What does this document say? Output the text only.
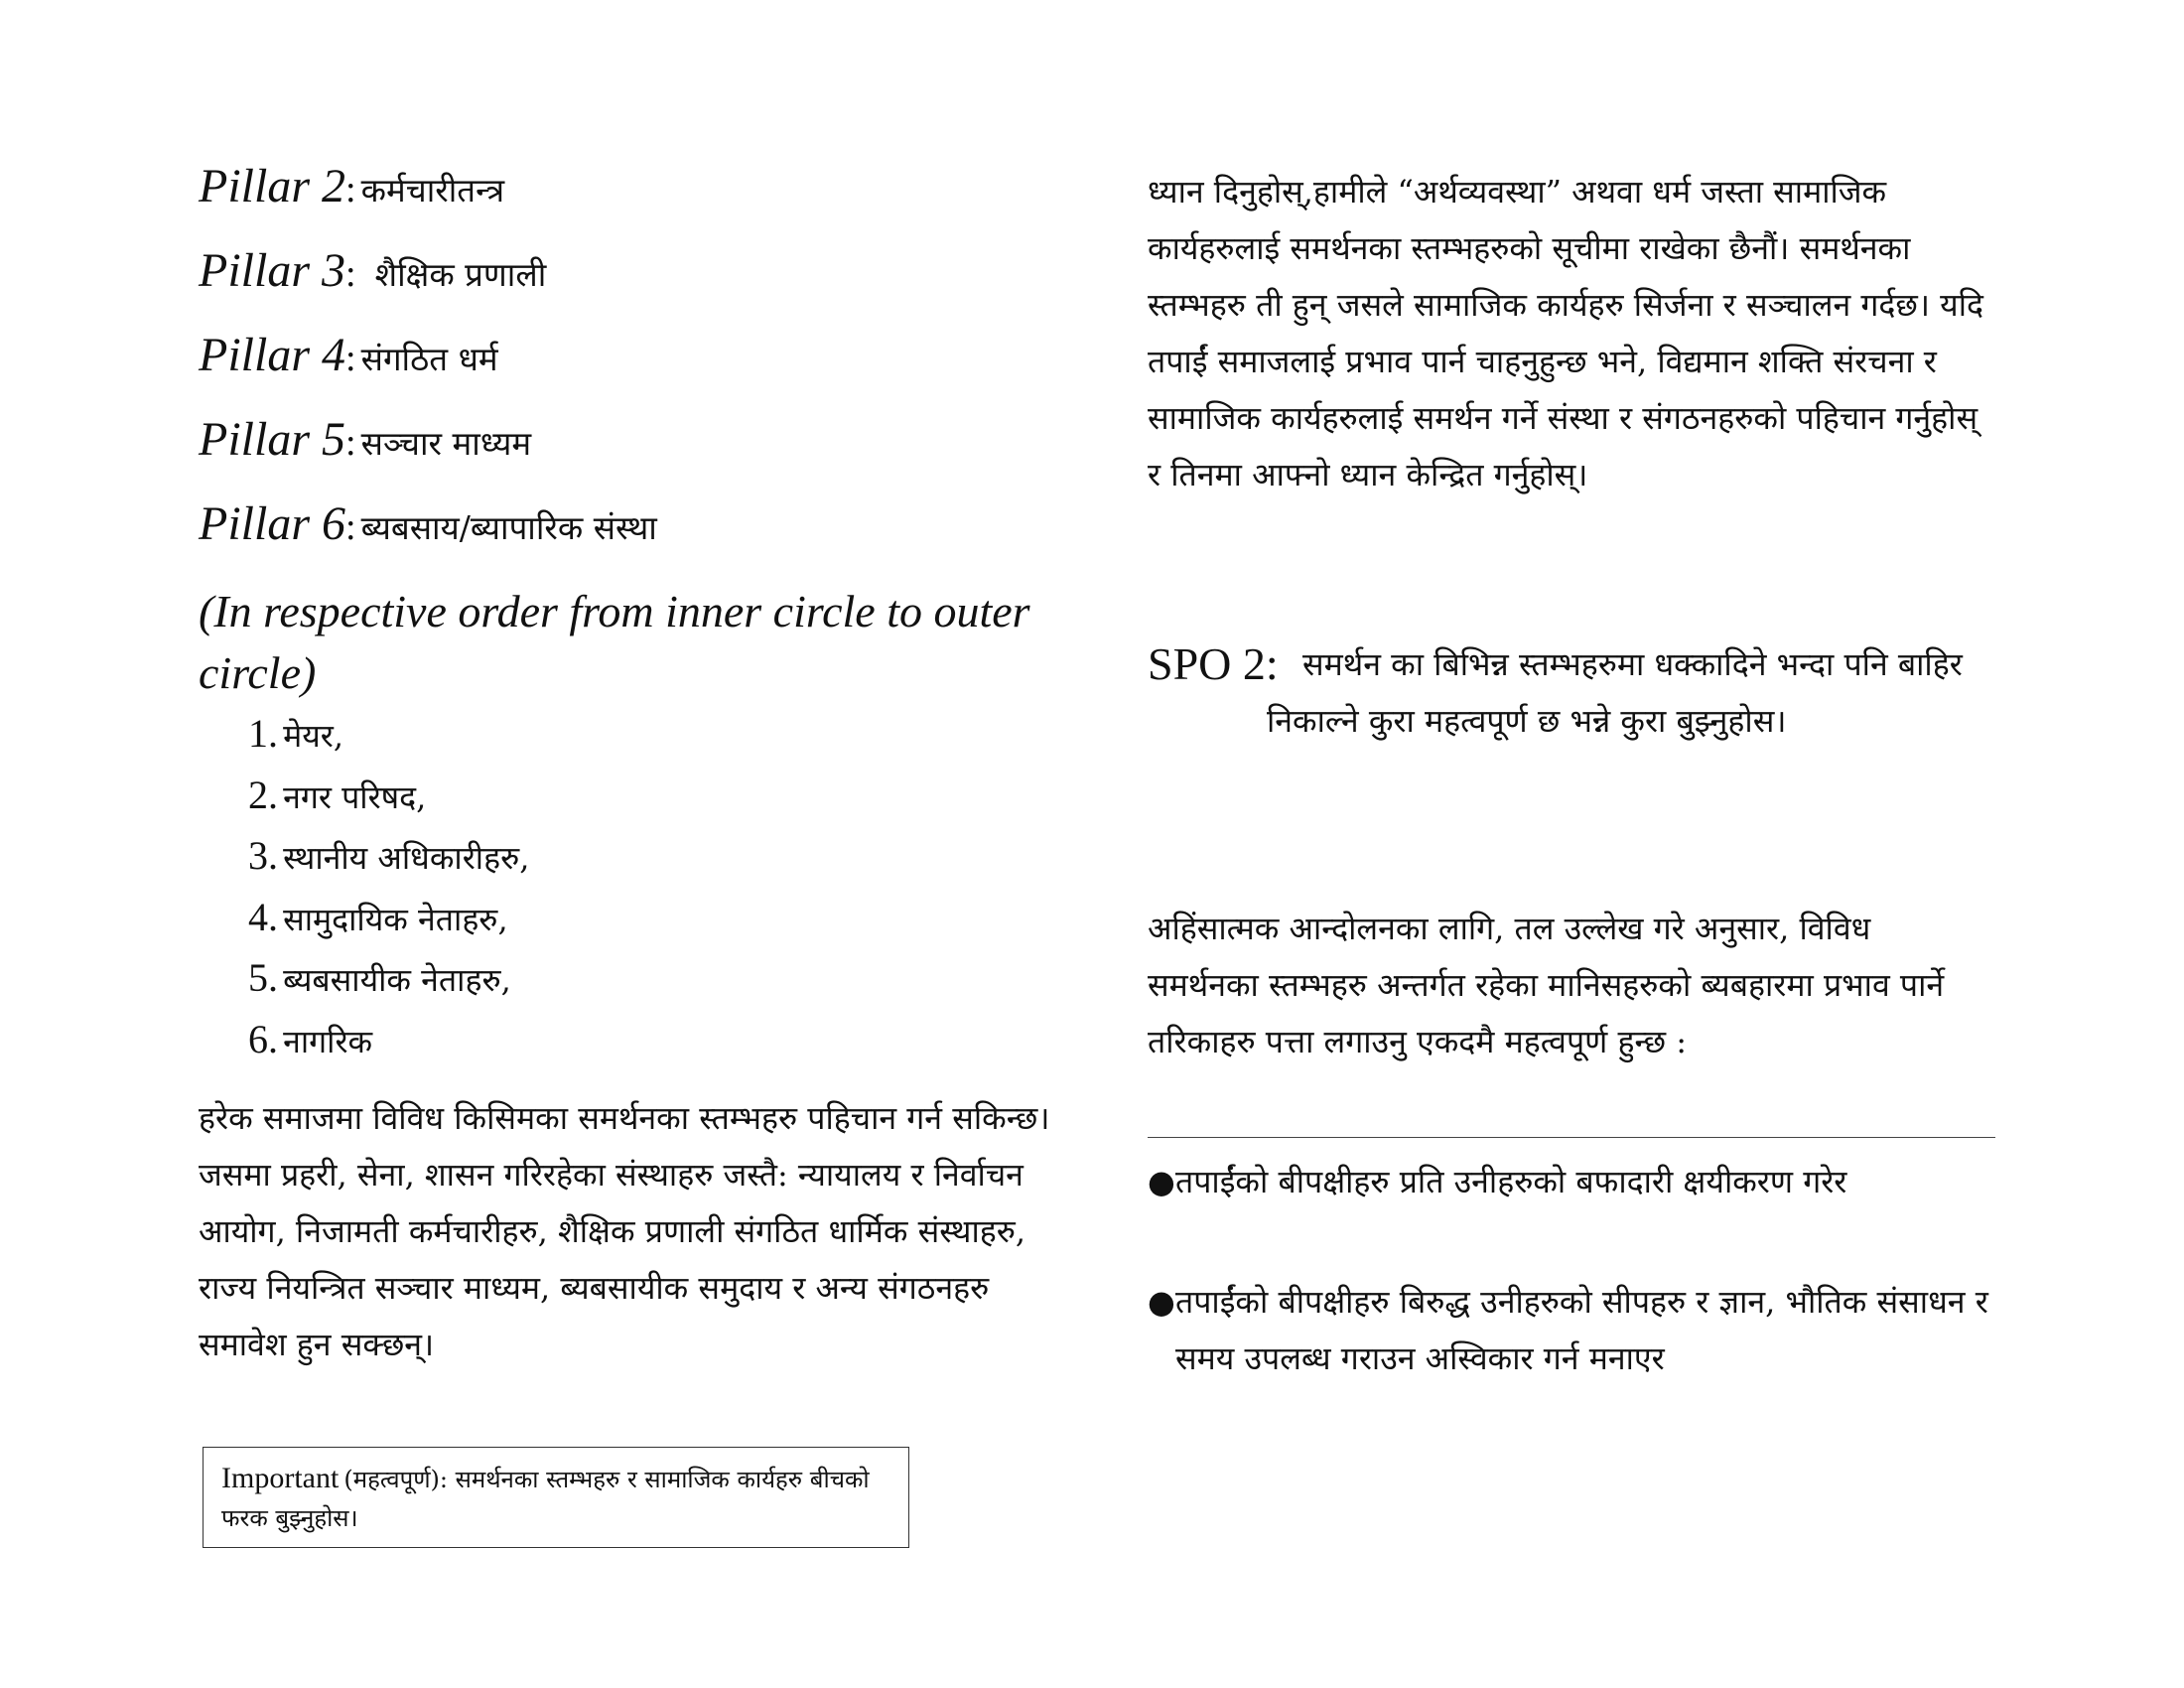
Pillar 2: कर्मचारीतन्त्र
Pillar 3: शैक्षिक प्रणाली
Pillar 4: संगठित धर्म
Pillar 5: सञ्चार माध्यम
Pillar 6: ब्यबसाय/ब्यापारिक संस्था
(In respective order from inner circle to outer circle)
1. मेयर,
2. नगर परिषद,
3. स्थानीय अधिकारीहरु,
4. सामुदायिक नेताहरु,
5. ब्यबसायीक नेताहरु,
6. नागरिक
हरेक समाजमा विविध किसिमका समर्थनका स्तम्भहरु पहिचान गर्न सकिन्छ। जसमा प्रहरी, सेना, शासन गरिरहेका संस्थाहरु जस्तै: न्यायालय र निर्वाचन आयोग, निजामती कर्मचारीहरु, शैक्षिक प्रणाली संगठित धार्मिक संस्थाहरु, राज्य नियन्त्रित सञ्चार माध्यम, ब्यबसायीक समुदाय र अन्य संगठनहरु समावेश हुन सक्छन्।
Important (महत्वपूर्ण): समर्थनका स्तम्भहरु र सामाजिक कार्यहरु बीचको फरक बुझ्नुहोस।
ध्यान दिनुहोस्,हामीले “अर्थव्यवस्था” अथवा धर्म जस्ता सामाजिक कार्यहरुलाई समर्थनका स्तम्भहरुको सूचीमा राखेका छैनौं। समर्थनका स्तम्भहरु ती हुन् जसले सामाजिक कार्यहरु सिर्जना र सञ्चालन गर्दछ। यदि तपाईं समाजलाई प्रभाव पार्न चाहनुहुन्छ भने, विद्यमान शक्ति संरचना र सामाजिक कार्यहरुलाई समर्थन गर्ने संस्था र संगठनहरुको पहिचान गर्नुहोस् र तिनमा आफ्नो ध्यान केन्द्रित गर्नुहोस्।
SPO 2: समर्थन का बिभिन्न स्तम्भहरुमा धक्कादिने भन्दा पनि बाहिर निकाल्ने कुरा महत्वपूर्ण छ भन्ने कुरा बुझ्नुहोस।
अहिंसात्मक आन्दोलनका लागि, तल उल्लेख गरे अनुसार, विविध समर्थनका स्तम्भहरु अन्तर्गत रहेका मानिसहरुको ब्यबहारमा प्रभाव पार्ने तरिकाहरु पत्ता लगाउनु एकदमै महत्वपूर्ण हुन्छ :
● तपाईंको बीपक्षीहरु प्रति उनीहरुको बफादारी क्षयीकरण गरेर
● तपाईंको बीपक्षीहरु बिरुद्ध उनीहरुको सीपहरु र ज्ञान, भौतिक संसाधन र समय उपलब्ध गराउन अस्विकार गर्न मनाएर
